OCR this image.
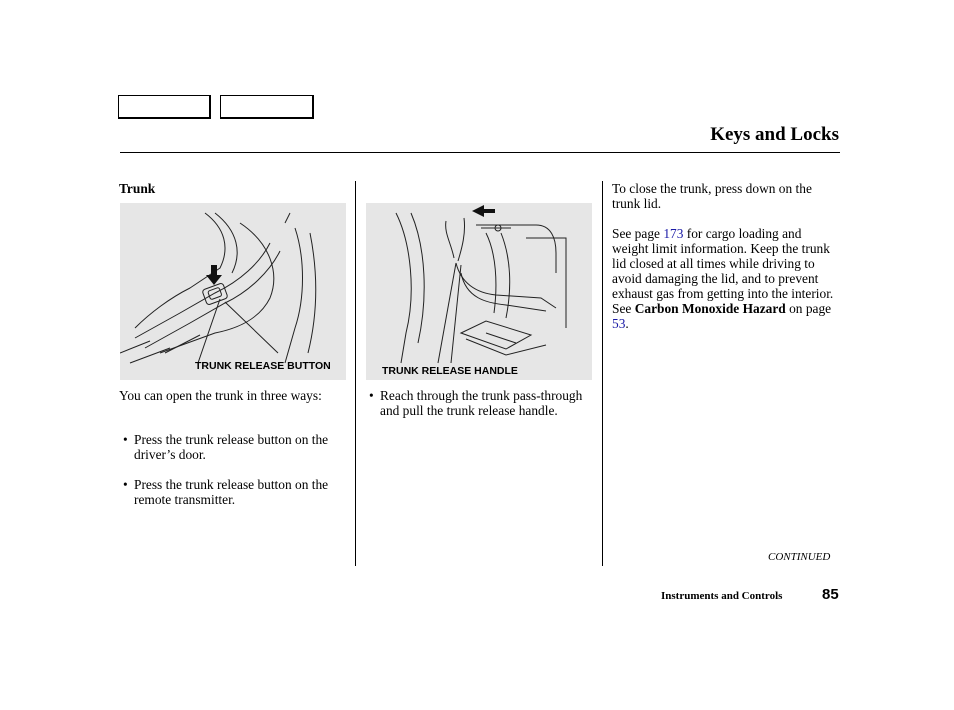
Keys and Locks
Trunk
TRUNK RELEASE BUTTON
You can open the trunk in three ways:
• Press the trunk release button on the driver’s door.
• Press the trunk release button on the remote transmitter.
TRUNK RELEASE HANDLE
• Reach through the trunk pass-through and pull the trunk release handle.
To close the trunk, press down on the trunk lid.
See page 173 for cargo loading and weight limit information. Keep the trunk lid closed at all times while driving to avoid damaging the lid, and to prevent exhaust gas from getting into the interior. See Carbon Monoxide Hazard on page 53.
CONTINUED
Instruments and Controls	85
